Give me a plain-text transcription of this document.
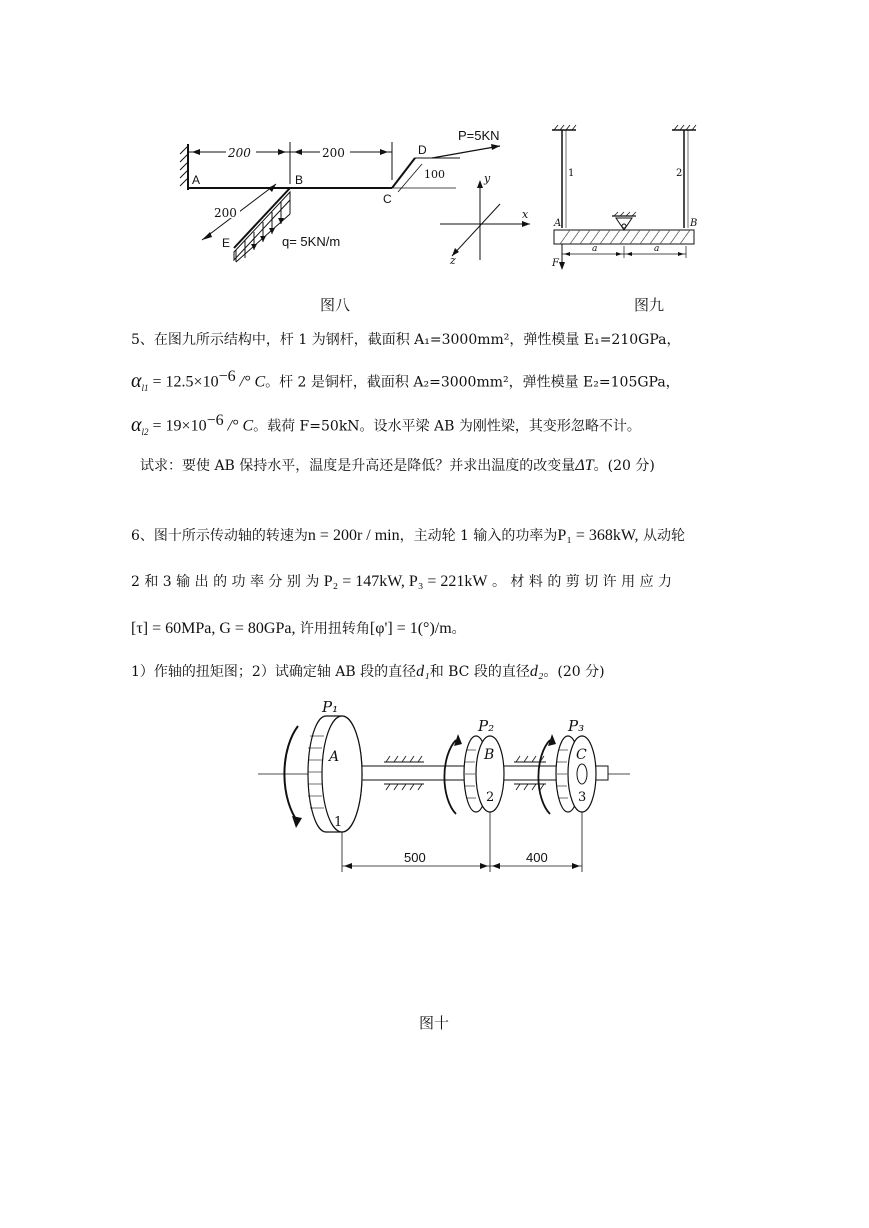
200	200
200
100
A	B
C
D
E
P=5KN
q= 5KN/m
x
y
z
1	2
A	B
F
a	a
图八	图九
5、在图九所示结构中，杆 1 为钢杆，截面积 A₁=3000mm²，弹性模量 E₁=210GPa，
$\alpha_{l1} = 12.5\times 10^{-6}$ /° C。杆 2 是铜杆，截面积 A₂=3000mm²，弹性模量 E₂=105GPa，
$\alpha_{l2} = 19\times 10^{-6}$ /° C。载荷 F=50kN。设水平梁 AB 为刚性梁，其变形忽略不计。
试求：要使 AB 保持水平，温度是升高还是降低？并求出温度的改变量ΔT。(20 分)
6、图十所示传动轴的转速为n = 200r / min，主动轮 1 输入的功率为P₁ = 368kW, 从动轮
2 和 3 输 出 的 功 率 分 别 为 P₂ = 147kW, P₃ = 221kW 。 材 料 的 剪 切 许 用 应 力
[τ] = 60MPa, G = 80GPa, 许用扭转角[φ'] = 1(°)/m。
1）作轴的扭矩图；2）试确定轴 AB 段的直径d₁和 BC 段的直径d₂。(20 分)
P₁
P₂	P₃
A	B	C
1
2	3
500	400
图十
